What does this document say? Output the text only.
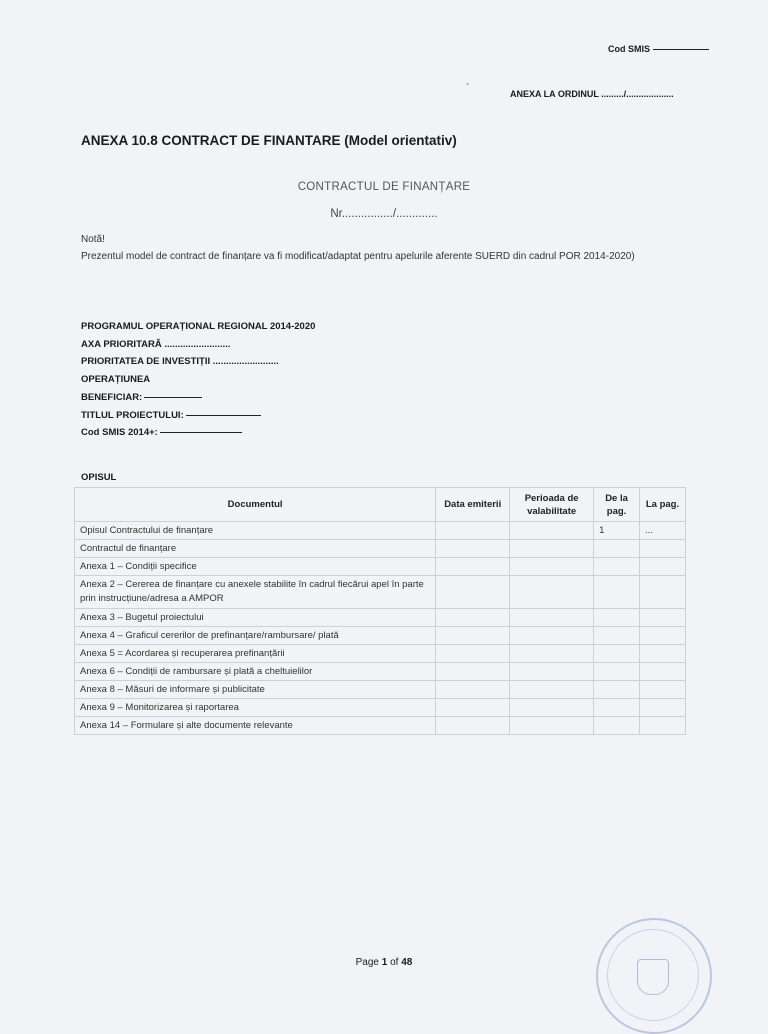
Cod SMIS
`	ANEXA LA ORDINUL ........./...................
ANEXA 10.8 CONTRACT DE FINANTARE (Model orientativ)
CONTRACTUL DE FINANȚARE
Nr................/.............
Notă!
Prezentul model de contract de finanțare va fi modificat/adaptat pentru apelurile aferente SUERD din cadrul POR 2014-2020)
PROGRAMUL OPERAȚIONAL REGIONAL 2014-2020
AXA PRIORITARĂ .........................
PRIORITATEA DE INVESTIȚII .........................
OPERAȚIUNEA
BENEFICIAR:
TITLUL PROIECTULUI:
Cod SMIS 2014+:
OPISUL
Documentul	Data emiterii	Perioada de valabilitate	De la pag.	La pag.
Opisul Contractului de finanțare			1	...
Contractul de finanțare				
Anexa 1 – Condiții specifice				
Anexa 2 – Cererea de finanțare cu anexele stabilite în cadrul fiecărui apel în parte prin instrucțiune/adresa a AMPOR				
Anexa 3 – Bugetul proiectului				
Anexa 4 – Graficul cererilor de prefinanțare/rambursare/ plată				
Anexa 5 = Acordarea și recuperarea prefinanțării				
Anexa 6 – Condiții de rambursare și plată a cheltuielilor				
Anexa 8 – Măsuri de informare și publicitate				
Anexa 9 – Monitorizarea și raportarea				
Anexa 14 – Formulare și alte documente relevante				
Page 1 of 48
